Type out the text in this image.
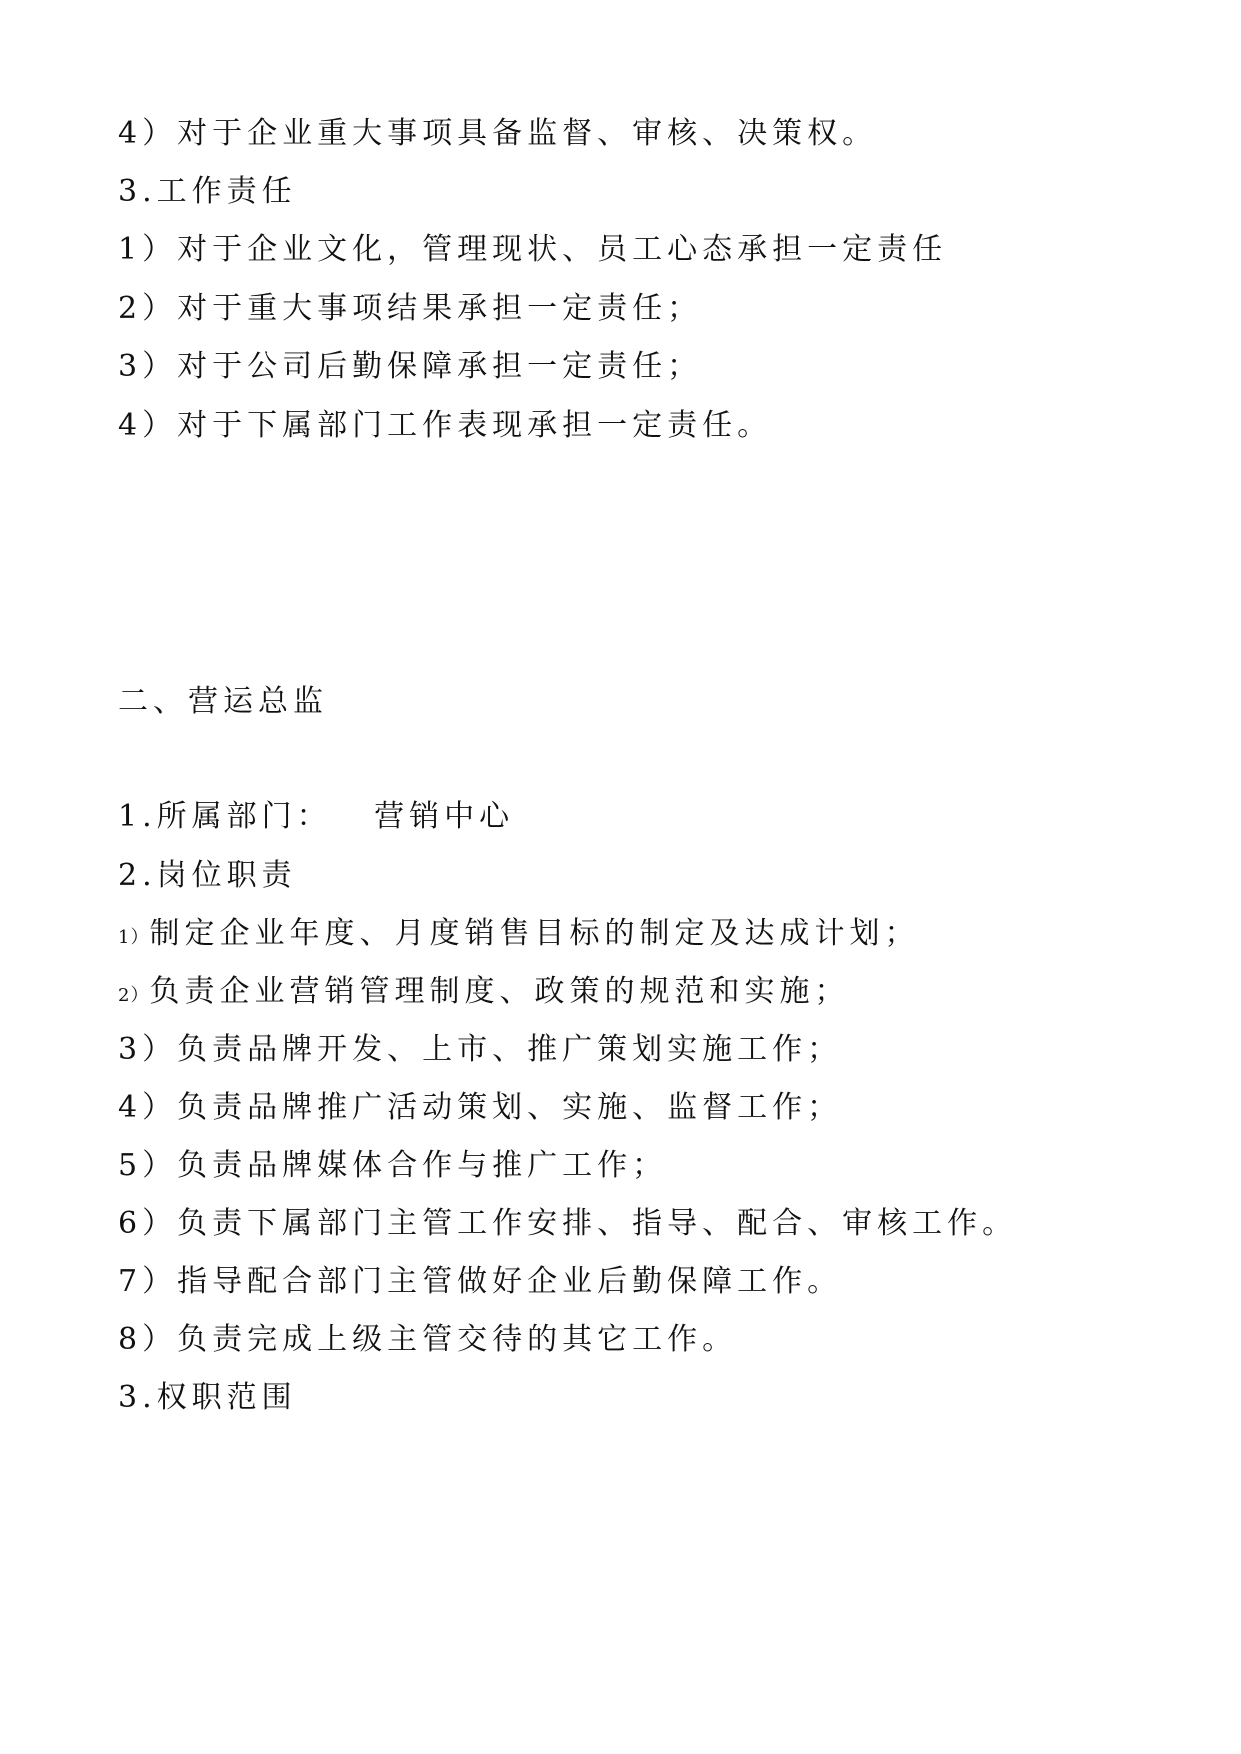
4）对于企业重大事项具备监督、审核、决策权。

3.工作责任

1）对于企业文化，管理现状、员工心态承担一定责任

2）对于重大事项结果承担一定责任；

3）对于公司后勤保障承担一定责任；

4）对于下属部门工作表现承担一定责任。

二、营运总监

1.所属部门： 营销中心

2.岗位职责

1）制定企业年度、月度销售目标的制定及达成计划；

2）负责企业营销管理制度、政策的规范和实施；

3）负责品牌开发、上市、推广策划实施工作；

4）负责品牌推广活动策划、实施、监督工作；

5）负责品牌媒体合作与推广工作；

6）负责下属部门主管工作安排、指导、配合、审核工作。

7）指导配合部门主管做好企业后勤保障工作。

8）负责完成上级主管交待的其它工作。

3.权职范围
